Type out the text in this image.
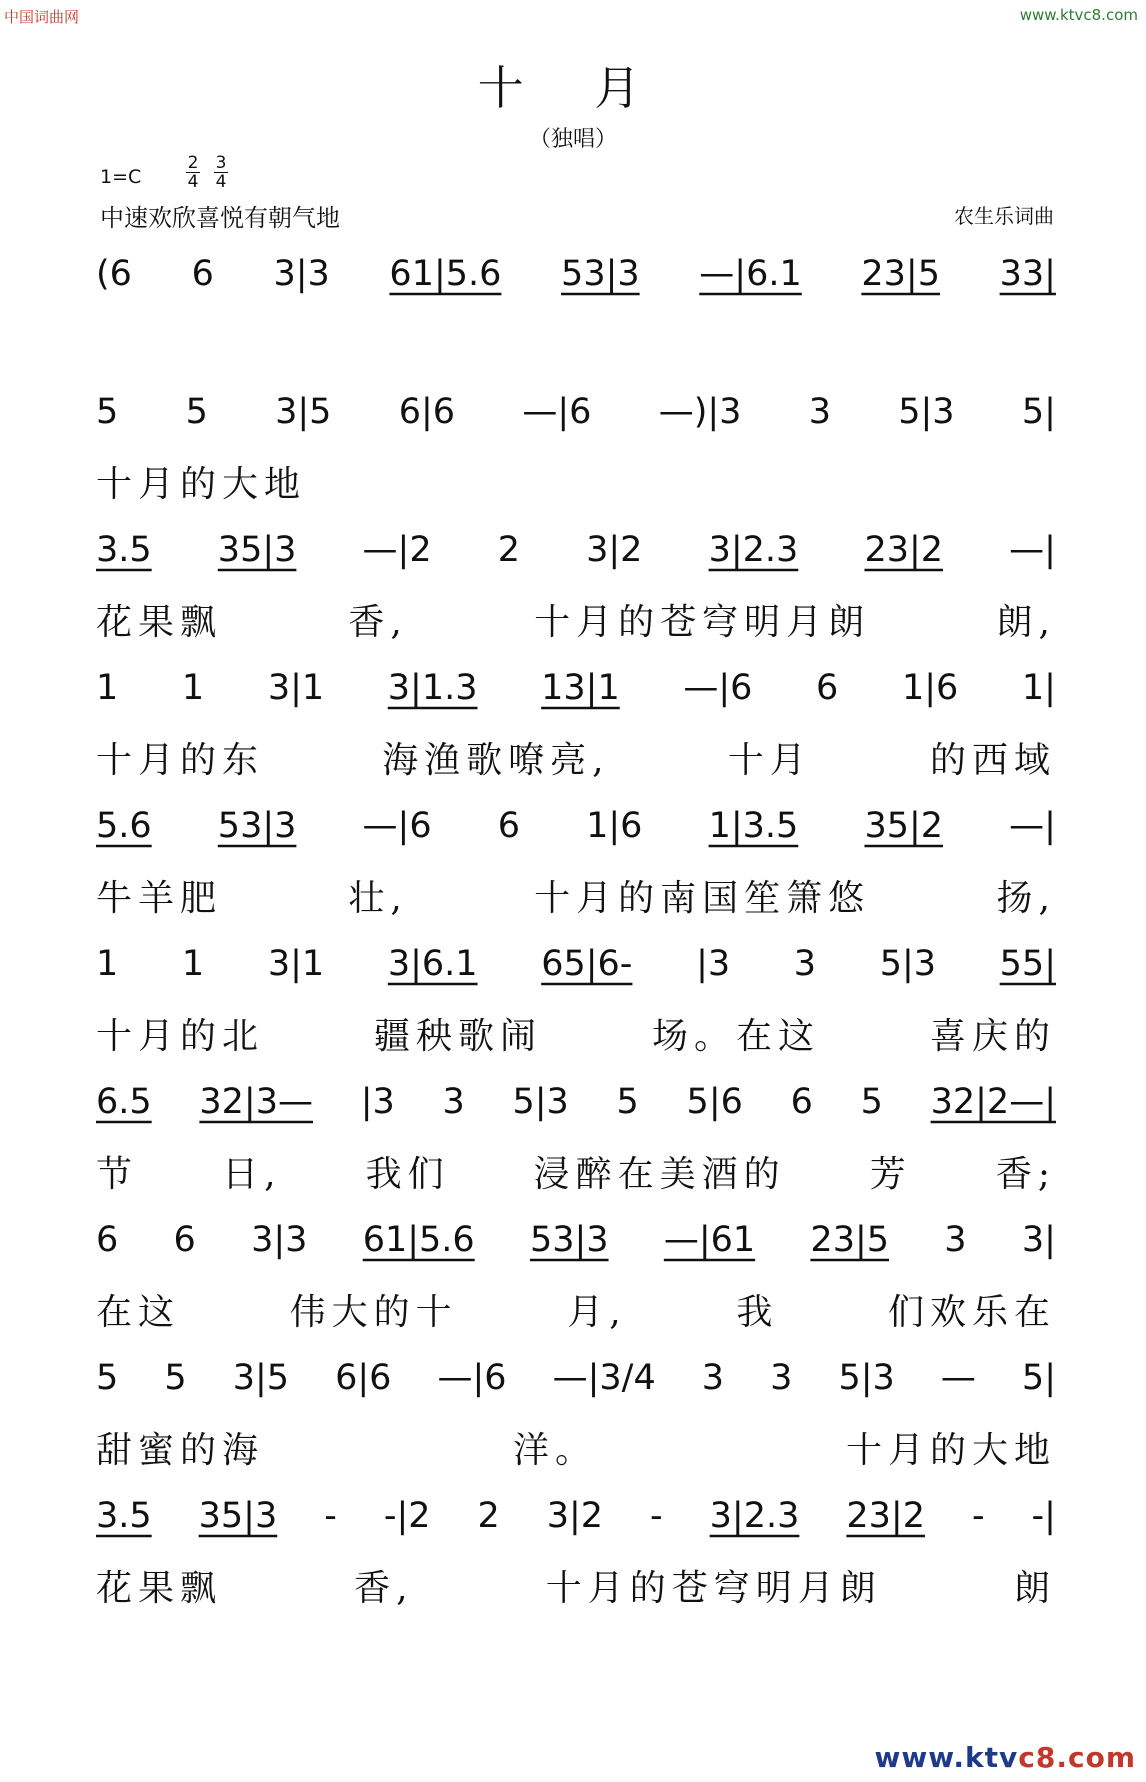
中国词曲网	www.ktvc8.com
十 月
（独唱）
1=C	$\frac{2}{4} \frac{3}{4}$
中速欢欣喜悦有朝气地	农生乐词曲
(6 6 3|3 61|5.6 53|3 —|6.1 23|5 33|
5 5 3|5 6|6 —|6 —)|3 3 5|3 5|
十月的大地
3.5 35|3 —|2 2 3|2 3|2.3 23|2 —|
花果飘	香,	十月的苍穹明月朗	朗,
1 1 3|1 3|1.3 13|1 —|6 6 1|6 1|
十月的东	海渔歌嘹亮,	十月	的西域
5.6 53|3 —|6 6 1|6 1|3.5 35|2 —|
牛羊肥	壮,	十月的南国笙箫悠	扬,
1 1 3|1 3|6.1 65|6- |3 3 5|3 55|
十月的北	疆秧歌闹	场。在这	喜庆的
6.5 32|3— |3 3 5|3 5 5|6 6 5 32|2—|
节 日, 我们 浸醉在美酒的 芳 香;
6 6 3|3 61|5.6 53|3 —|61 23|5 3 3|
在这	伟大的十	月,	我	们欢乐在
5 5 3|5 6|6 —|6 —|3/4 3 3 5|3 — 5|
甜蜜的海	洋。	十月的大地
3.5 35|3 - -|2 2 3|2 - 3|2.3 23|2 - -|
花果飘	香,	十月的苍穹明月朗	朗
www.ktvc8.com
